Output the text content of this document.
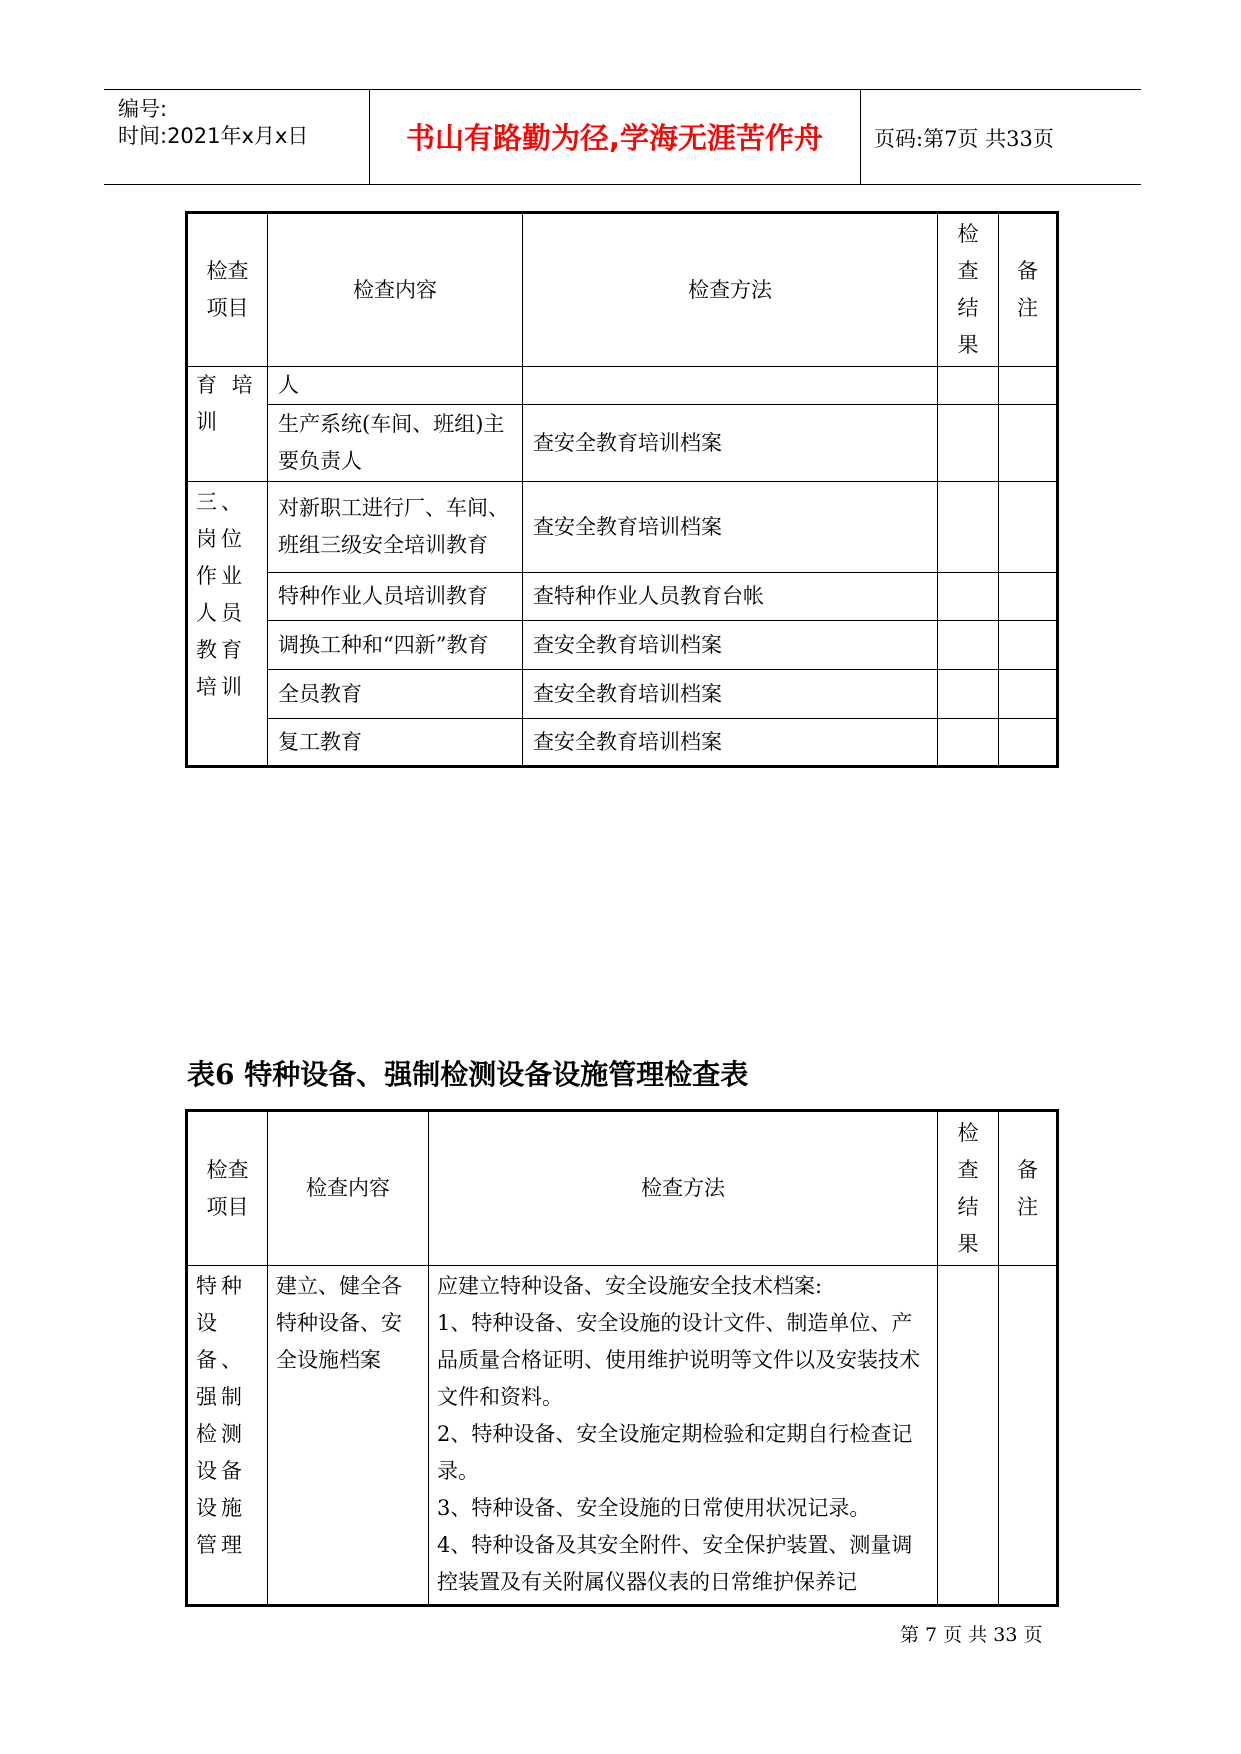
编号:
时间:2021年x月x日	书山有路勤为径,学海无涯苦作舟	页码:第7页 共33页
检查项目	检查内容	检查方法	检查结果	备注

育 培训	人			
	生产系统(车间、班组)主要负责人	查安全教育培训档案		
三、岗位作业人员教育培训	对新职工进行厂、车间、班组三级安全培训教育	查安全教育培训档案		
	特种作业人员培训教育	查特种作业人员教育台帐		
	调换工种和“四新”教育	查安全教育培训档案		
	全员教育	查安全教育培训档案		
	复工教育	查安全教育培训档案		
表6 特种设备、强制检测设备设施管理检查表
检查项目	检查内容	检查方法	检查结果	备注

特种设备、强制检测设备设施管理	建立、健全各特种设备、安全设施档案	应建立特种设备、安全设施安全技术档案:
1、特种设备、安全设施的设计文件、制造单位、产品质量合格证明、使用维护说明等文件以及安装技术文件和资料。
2、特种设备、安全设施定期检验和定期自行检查记录。
3、特种设备、安全设施的日常使用状况记录。
4、特种设备及其安全附件、安全保护装置、测量调控装置及有关附属仪器仪表的日常维护保养记		

第 7 页 共 33 页
